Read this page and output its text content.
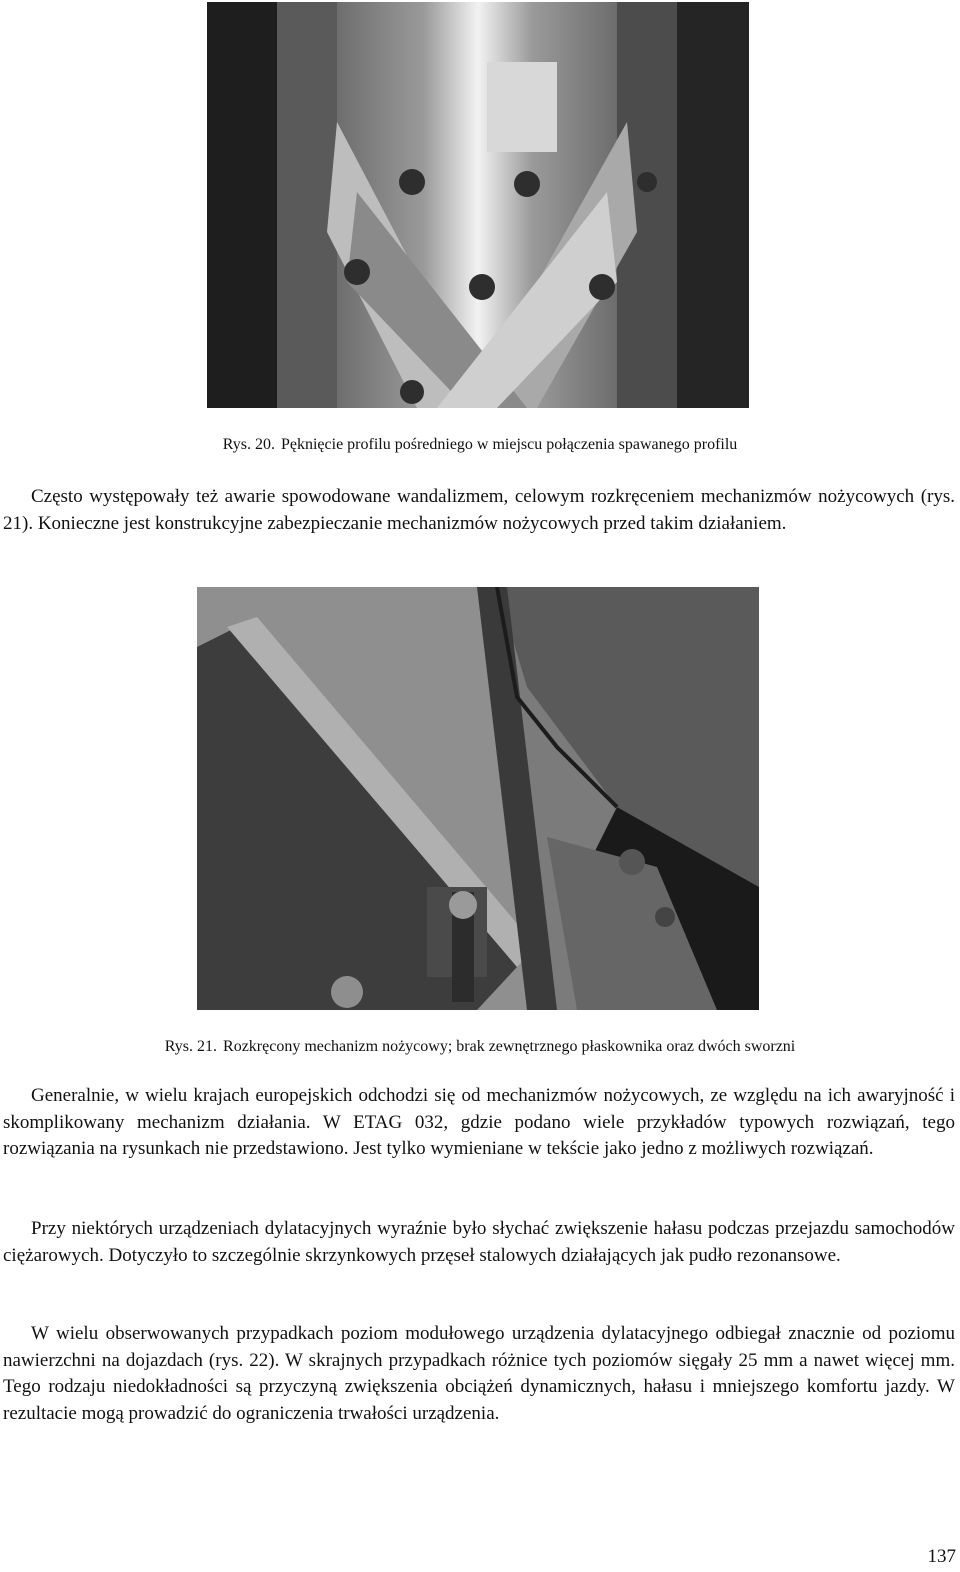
Rys. 20. Pęknięcie profilu pośredniego w miejscu połączenia spawanego profilu

Często występowały też awarie spowodowane wandalizmem, celowym rozkręceniem mechanizmów nożycowych (rys. 21). Konieczne jest konstrukcyjne zabezpieczanie mechanizmów nożycowych przed takim działaniem.

Rys. 21. Rozkręcony mechanizm nożycowy; brak zewnętrznego płaskownika oraz dwóch sworzni

Generalnie, w wielu krajach europejskich odchodzi się od mechanizmów nożycowych, ze względu na ich awaryjność i skomplikowany mechanizm działania. W ETAG 032, gdzie podano wiele przykładów typowych rozwiązań, tego rozwiązania na rysunkach nie przedstawiono. Jest tylko wymieniane w tekście jako jedno z możliwych rozwiązań.

Przy niektórych urządzeniach dylatacyjnych wyraźnie było słychać zwiększenie hałasu podczas przejazdu samochodów ciężarowych. Dotyczyło to szczególnie skrzynkowych przęseł stalowych działających jak pudło rezonansowe.

W wielu obserwowanych przypadkach poziom modułowego urządzenia dylatacyjnego odbiegał znacznie od poziomu nawierzchni na dojazdach (rys. 22). W skrajnych przypadkach różnice tych poziomów sięgały 25 mm a nawet więcej mm. Tego rodzaju niedokładności są przyczyną zwiększenia obciążeń dynamicznych, hałasu i mniejszego komfortu jazdy. W rezultacie mogą prowadzić do ograniczenia trwałości urządzenia.

137
